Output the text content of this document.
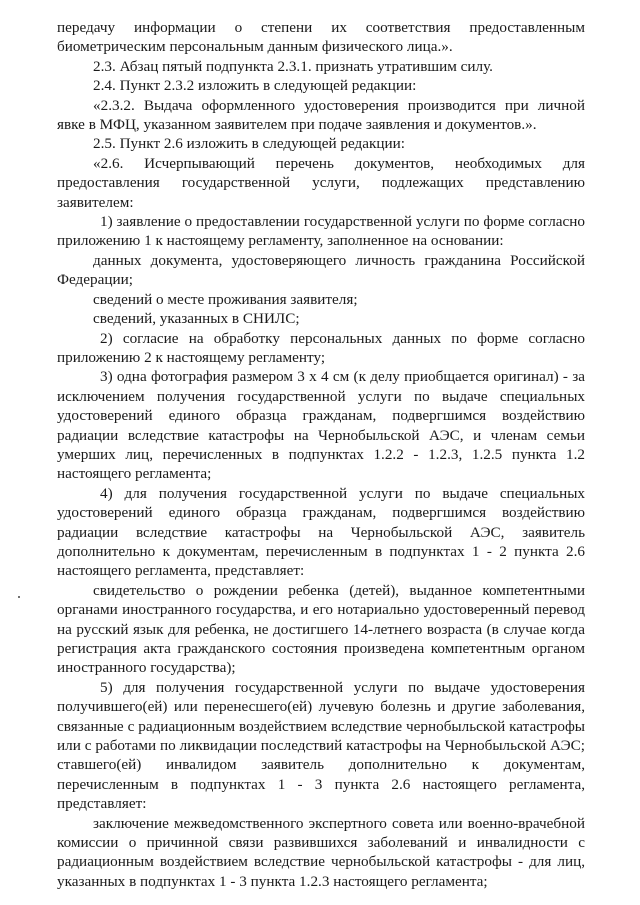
передачу информации о степени их соответствия предоставленным биометрическим персональным данным физического лица.».

2.3. Абзац пятый подпункта 2.3.1. признать утратившим силу.

2.4. Пункт 2.3.2 изложить в следующей редакции:

«2.3.2. Выдача оформленного удостоверения производится при личной явке в МФЦ, указанном заявителем при подаче заявления и документов.».

2.5. Пункт 2.6 изложить в следующей редакции:

«2.6. Исчерпывающий перечень документов, необходимых для предоставления государственной услуги, подлежащих представлению заявителем:

1) заявление о предоставлении государственной услуги по форме согласно приложению 1 к настоящему регламенту, заполненное на основании:

данных документа, удостоверяющего личность гражданина Российской Федерации;

сведений о месте проживания заявителя;

сведений, указанных в СНИЛС;

2) согласие на обработку персональных данных по форме согласно приложению 2 к настоящему регламенту;

3) одна фотография размером 3 х 4 см (к делу приобщается оригинал) - за исключением получения государственной услуги по выдаче специальных удостоверений единого образца гражданам, подвергшимся воздействию радиации вследствие катастрофы на Чернобыльской АЭС, и членам семьи умерших лиц, перечисленных в подпунктах 1.2.2 - 1.2.3, 1.2.5 пункта 1.2 настоящего регламента;

4) для получения государственной услуги по выдаче специальных удостоверений единого образца гражданам, подвергшимся воздействию радиации вследствие катастрофы на Чернобыльской АЭС, заявитель дополнительно к документам, перечисленным в подпунктах 1 - 2 пункта 2.6 настоящего регламента, представляет:

свидетельство о рождении ребенка (детей), выданное компетентными органами иностранного государства, и его нотариально удостоверенный перевод на русский язык для ребенка, не достигшего 14-летнего возраста (в случае когда регистрация акта гражданского состояния произведена компетентным органом иностранного государства);

5) для получения государственной услуги по выдаче удостоверения получившего(ей) или перенесшего(ей) лучевую болезнь и другие заболевания, связанные с радиационным воздействием вследствие чернобыльской катастрофы или с работами по ликвидации последствий катастрофы на Чернобыльской АЭС; ставшего(ей) инвалидом заявитель дополнительно к документам, перечисленным в подпунктах 1 - 3 пункта 2.6 настоящего регламента, представляет:

заключение межведомственного экспертного совета или военно-врачебной комиссии о причинной связи развившихся заболеваний и инвалидности с радиационным воздействием вследствие чернобыльской катастрофы - для лиц, указанных в подпунктах 1 - 3 пункта 1.2.3 настоящего регламента;
